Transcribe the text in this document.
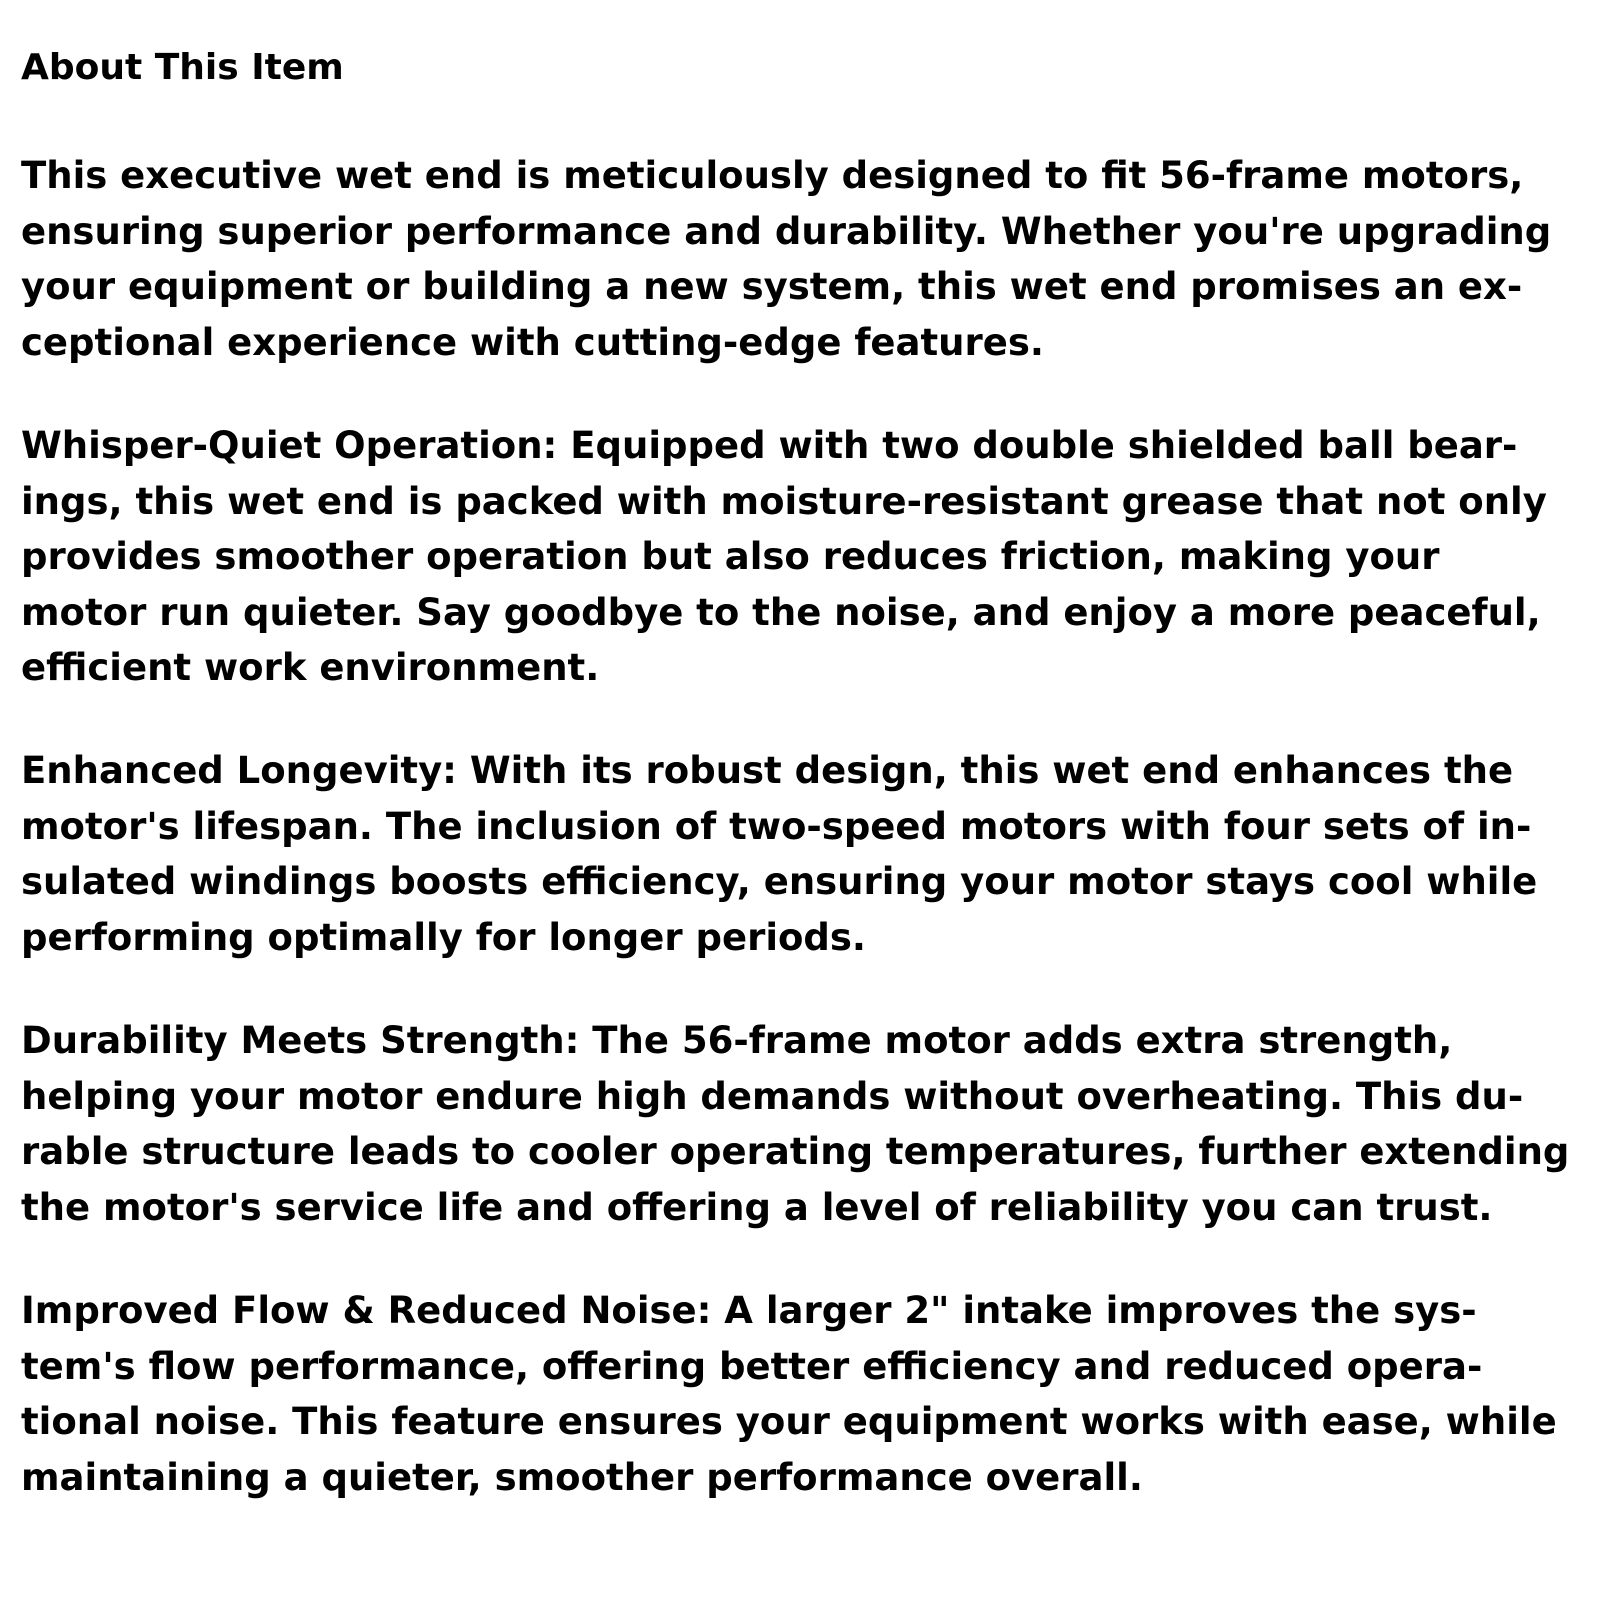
About This Item

This executive wet end is meticulously designed to fit 56-frame motors,
ensuring superior performance and durability. Whether you're upgrading
your equipment or building a new system, this wet end promises an ex-
ceptional experience with cutting-edge features.

Whisper-Quiet Operation: Equipped with two double shielded ball bear-
ings, this wet end is packed with moisture-resistant grease that not only
provides smoother operation but also reduces friction, making your
motor run quieter. Say goodbye to the noise, and enjoy a more peaceful,
efficient work environment.

Enhanced Longevity: With its robust design, this wet end enhances the
motor's lifespan. The inclusion of two-speed motors with four sets of in-
sulated windings boosts efficiency, ensuring your motor stays cool while
performing optimally for longer periods.

Durability Meets Strength: The 56-frame motor adds extra strength,
helping your motor endure high demands without overheating. This du-
rable structure leads to cooler operating temperatures, further extending
the motor's service life and offering a level of reliability you can trust.

Improved Flow & Reduced Noise: A larger 2" intake improves the sys-
tem's flow performance, offering better efficiency and reduced opera-
tional noise. This feature ensures your equipment works with ease, while
maintaining a quieter, smoother performance overall.
